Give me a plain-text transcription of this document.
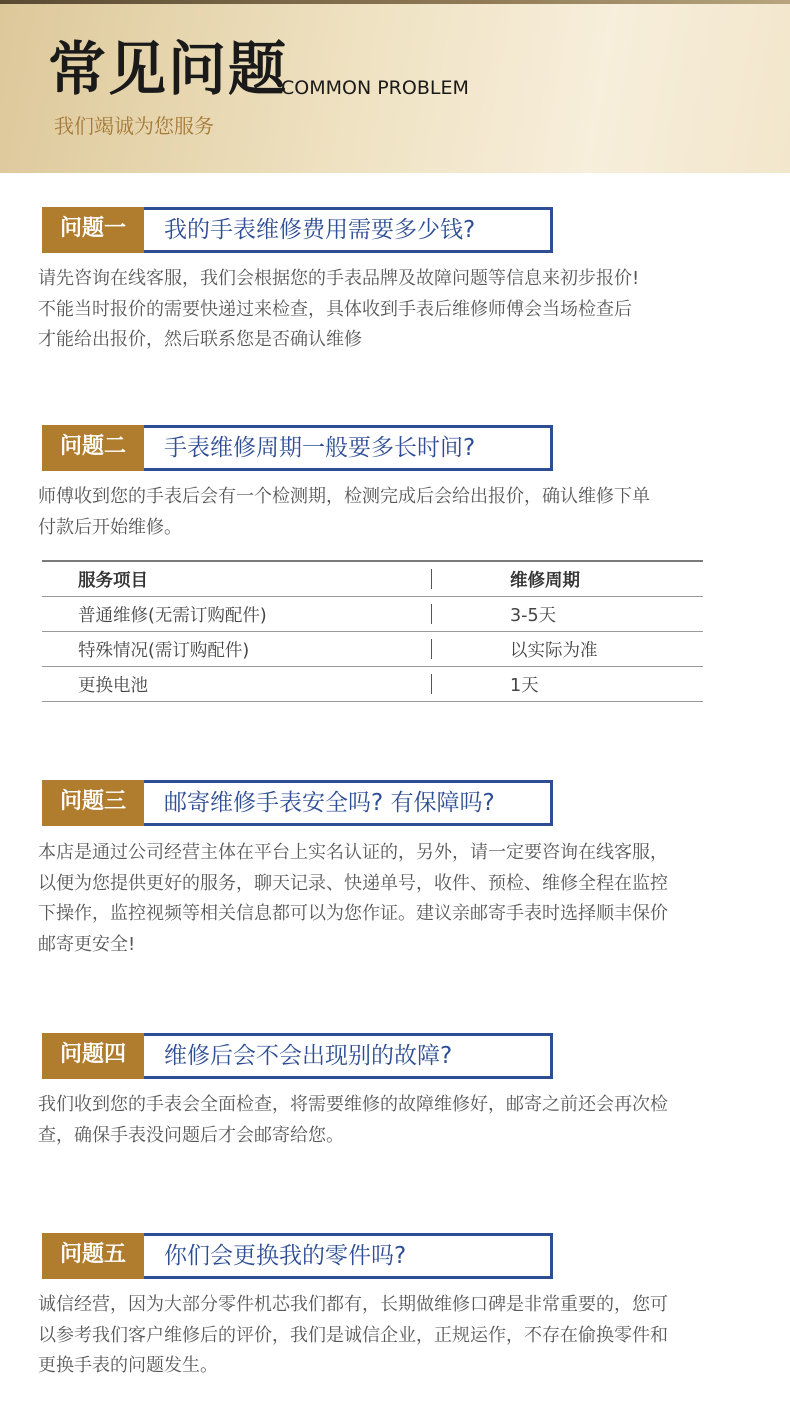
常见问题
COMMON PROBLEM
我们竭诚为您服务
问题一	我的手表维修费用需要多少钱?
请先咨询在线客服，我们会根据您的手表品牌及故障问题等信息来初步报价!
不能当时报价的需要快递过来检查，具体收到手表后维修师傅会当场检查后
才能给出报价，然后联系您是否确认维修
问题二	手表维修周期一般要多长时间?
师傅收到您的手表后会有一个检测期，检测完成后会给出报价，确认维修下单
付款后开始维修。
服务项目		维修周期
普通维修(无需订购配件)		3-5天
特殊情况(需订购配件)		以实际为准
更换电池		1天
问题三	邮寄维修手表安全吗? 有保障吗?
本店是通过公司经营主体在平台上实名认证的，另外，请一定要咨询在线客服，
以便为您提供更好的服务，聊天记录、快递单号，收件、预检、维修全程在监控
下操作，监控视频等相关信息都可以为您作证。建议亲邮寄手表时选择顺丰保价
邮寄更安全!
问题四	维修后会不会出现别的故障?
我们收到您的手表会全面检查，将需要维修的故障维修好，邮寄之前还会再次检
查，确保手表没问题后才会邮寄给您。
问题五	你们会更换我的零件吗?
诚信经营，因为大部分零件机芯我们都有，长期做维修口碑是非常重要的，您可
以参考我们客户维修后的评价，我们是诚信企业，正规运作，不存在偷换零件和
更换手表的问题发生。
